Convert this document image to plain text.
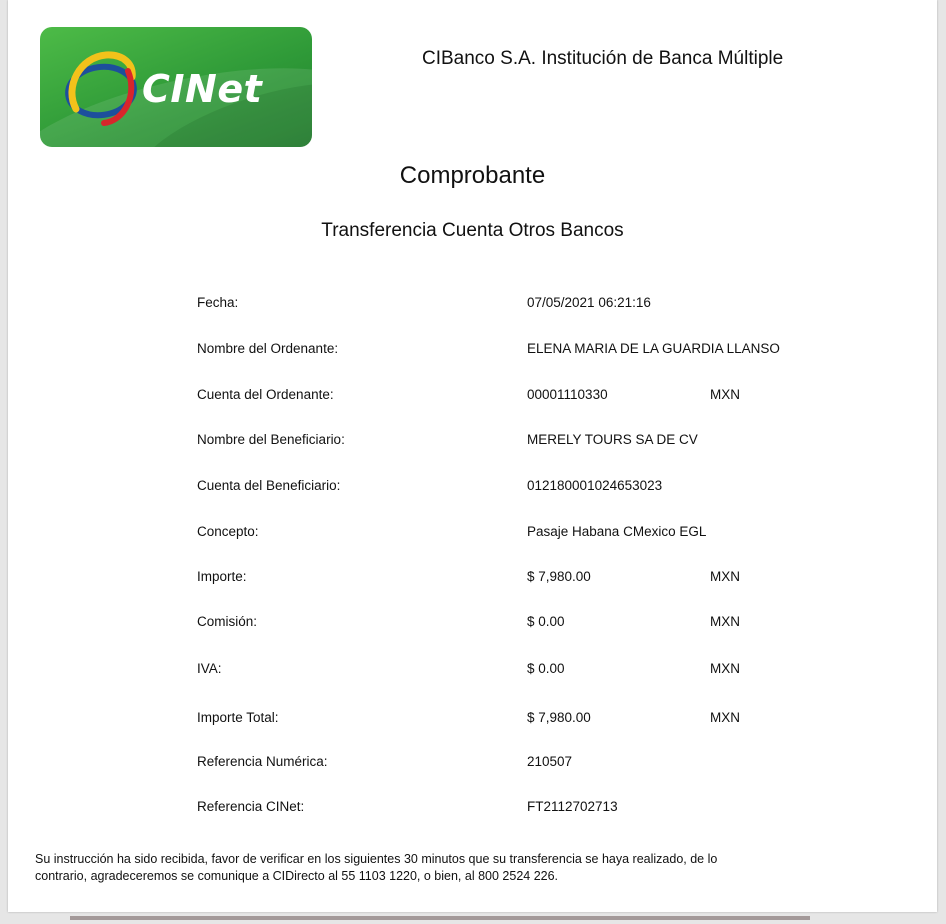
CINet
CIBanco S.A. Institución de Banca Múltiple
Comprobante
Transferencia Cuenta Otros Bancos
Fecha:	07/05/2021 06:21:16
Nombre del Ordenante:	ELENA MARIA DE LA GUARDIA LLANSO
Cuenta del Ordenante:	00001110330	MXN
Nombre del Beneficiario:	MERELY TOURS SA DE CV
Cuenta del Beneficiario:	012180001024653023
Concepto:	Pasaje Habana CMexico EGL
Importe:	$ 7,980.00	MXN
Comisión:	$ 0.00	MXN
IVA:	$ 0.00	MXN
Importe Total:	$ 7,980.00	MXN
Referencia Numérica:	210507
Referencia CINet:	FT2112702713
Su instrucción ha sido recibida, favor de verificar en los siguientes 30 minutos que su transferencia se haya realizado, de lo
contrario, agradeceremos se comunique a CIDirecto al 55 1103 1220, o bien, al 800 2524 226.
